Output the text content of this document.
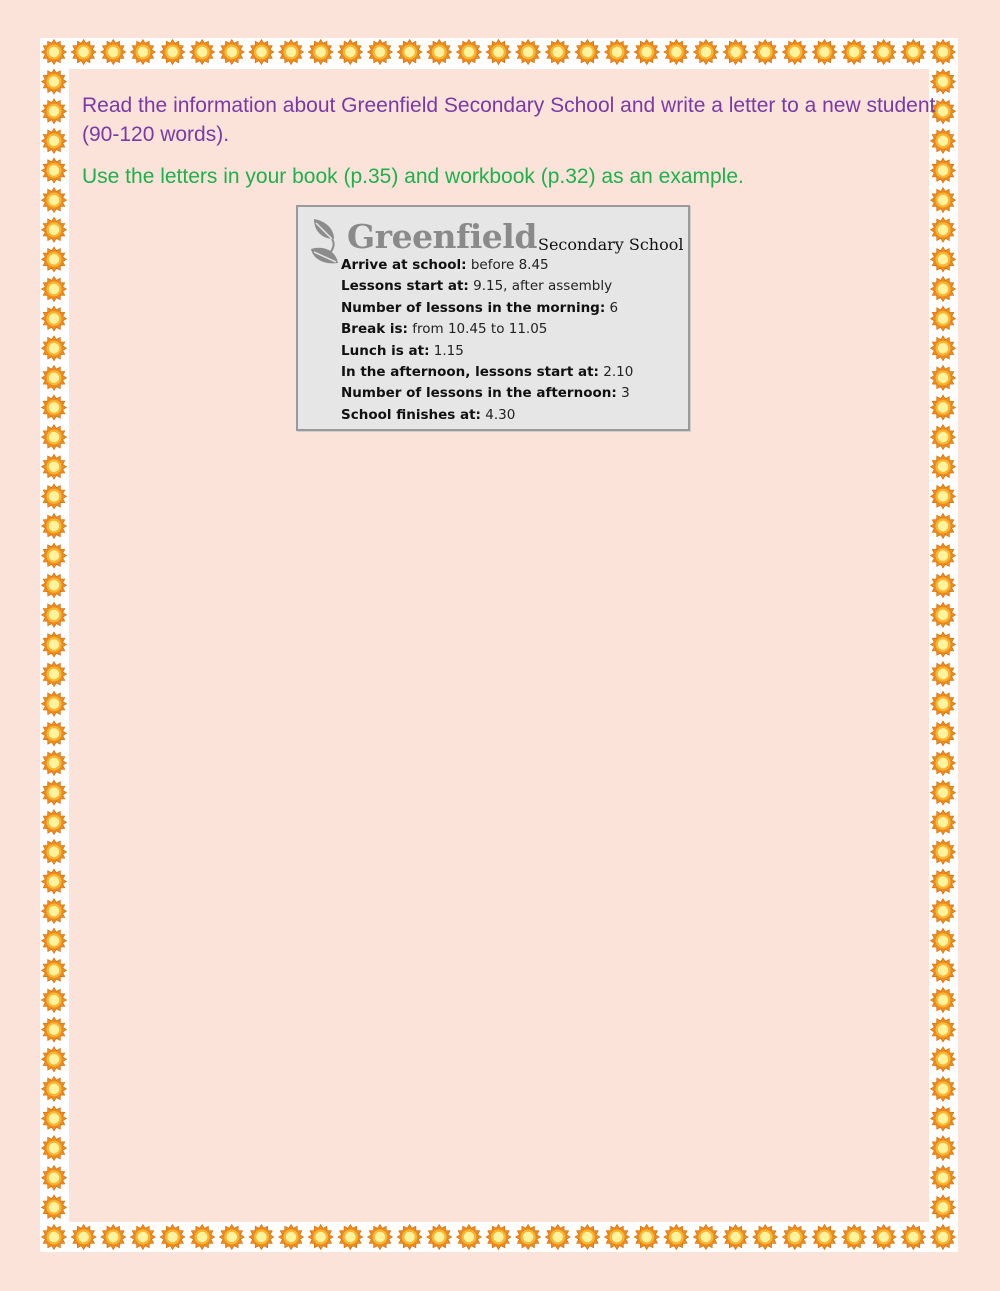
Read the information about Greenfield Secondary School and write a letter to a new student (90-120 words).

Use the letters in your book (p.35) and workbook (p.32) as an example.

Greenfield Secondary School
Arrive at school: before 8.45
Lessons start at: 9.15, after assembly
Number of lessons in the morning: 6
Break is: from 10.45 to 11.05
Lunch is at: 1.15
In the afternoon, lessons start at: 2.10
Number of lessons in the afternoon: 3
School finishes at: 4.30
